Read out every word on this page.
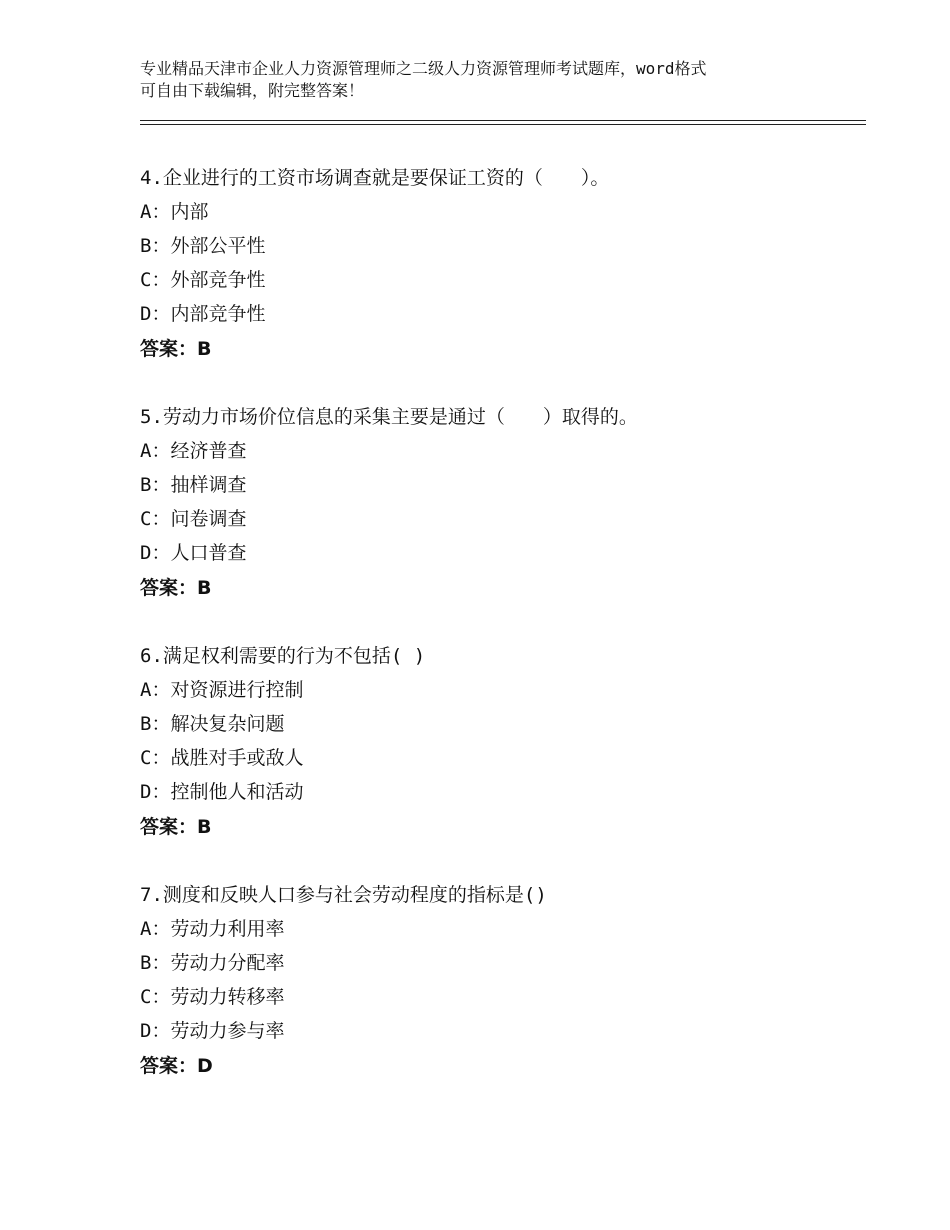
专业精品天津市企业人力资源管理师之二级人力资源管理师考试题库，word格式
可自由下载编辑，附完整答案！
4.企业进行的工资市场调查就是要保证工资的（　　）。
A：内部
B：外部公平性
C：外部竞争性
D：内部竞争性
答案：B
5.劳动力市场价位信息的采集主要是通过（　　）取得的。
A：经济普查
B：抽样调查
C：问卷调查
D：人口普查
答案：B
6.满足权利需要的行为不包括( )
A：对资源进行控制
B：解决复杂问题
C：战胜对手或敌人
D：控制他人和活动
答案：B
7.测度和反映人口参与社会劳动程度的指标是()
A：劳动力利用率
B：劳动力分配率
C：劳动力转移率
D：劳动力参与率
答案：D
